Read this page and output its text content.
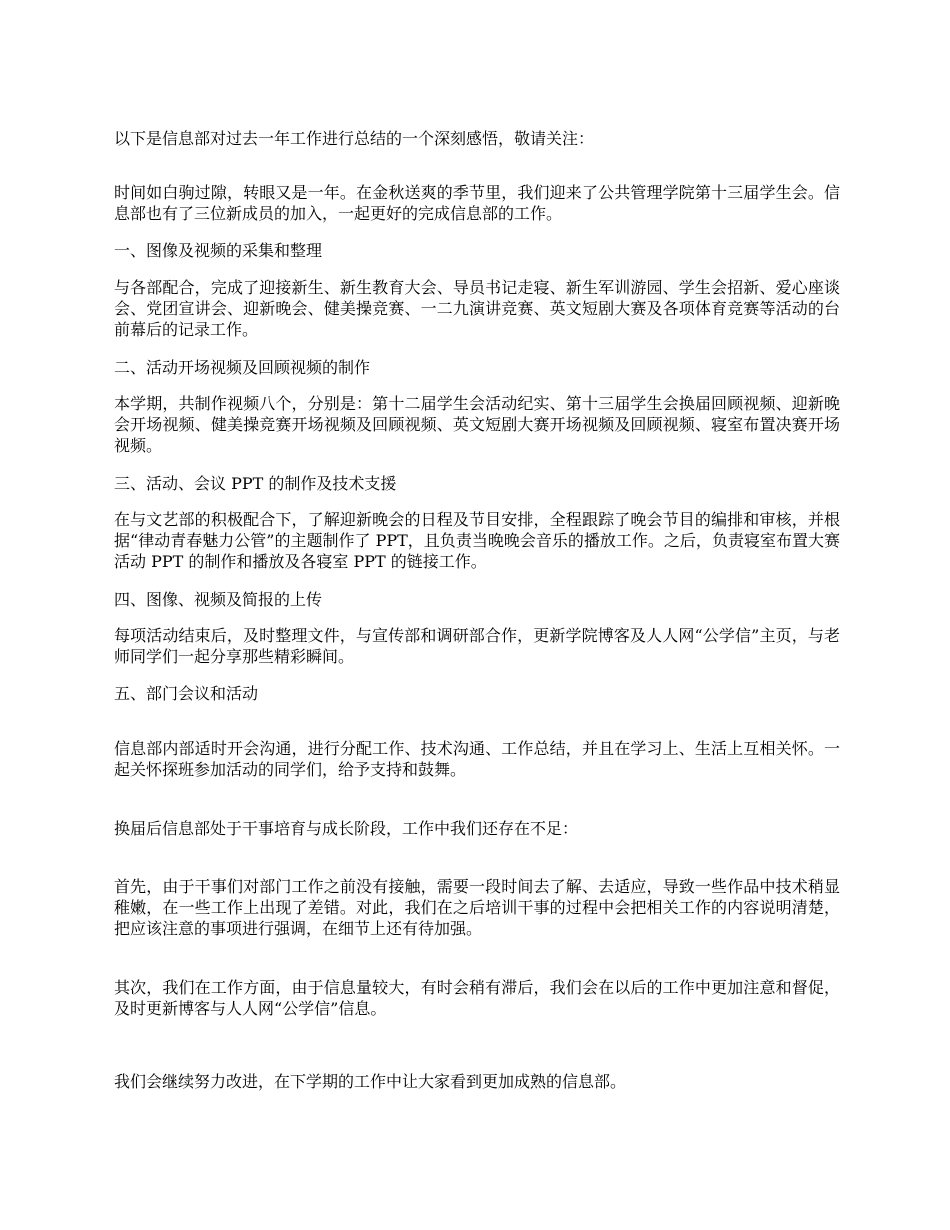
以下是信息部对过去一年工作进行总结的一个深刻感悟，敬请关注：

时间如白驹过隙，转眼又是一年。在金秋送爽的季节里，我们迎来了公共管理学院第十三届学生会。信息部也有了三位新成员的加入，一起更好的完成信息部的工作。

一、图像及视频的采集和整理

与各部配合，完成了迎接新生、新生教育大会、导员书记走寝、新生军训游园、学生会招新、爱心座谈会、党团宣讲会、迎新晚会、健美操竞赛、一二九演讲竞赛、英文短剧大赛及各项体育竞赛等活动的台前幕后的记录工作。

二、活动开场视频及回顾视频的制作

本学期，共制作视频八个，分别是：第十二届学生会活动纪实、第十三届学生会换届回顾视频、迎新晚会开场视频、健美操竞赛开场视频及回顾视频、英文短剧大赛开场视频及回顾视频、寝室布置决赛开场视频。

三、活动、会议 PPT 的制作及技术支援

在与文艺部的积极配合下，了解迎新晚会的日程及节目安排，全程跟踪了晚会节目的编排和审核，并根据“律动青春魅力公管”的主题制作了 PPT，且负责当晚晚会音乐的播放工作。之后，负责寝室布置大赛活动 PPT 的制作和播放及各寝室 PPT 的链接工作。

四、图像、视频及简报的上传

每项活动结束后，及时整理文件，与宣传部和调研部合作，更新学院博客及人人网“公学信”主页，与老师同学们一起分享那些精彩瞬间。

五、部门会议和活动

信息部内部适时开会沟通，进行分配工作、技术沟通、工作总结，并且在学习上、生活上互相关怀。一起关怀探班参加活动的同学们，给予支持和鼓舞。

换届后信息部处于干事培育与成长阶段，工作中我们还存在不足：

首先，由于干事们对部门工作之前没有接触，需要一段时间去了解、去适应，导致一些作品中技术稍显稚嫩，在一些工作上出现了差错。对此，我们在之后培训干事的过程中会把相关工作的内容说明清楚，把应该注意的事项进行强调，在细节上还有待加强。

其次，我们在工作方面，由于信息量较大，有时会稍有滞后，我们会在以后的工作中更加注意和督促，及时更新博客与人人网“公学信”信息。

我们会继续努力改进，在下学期的工作中让大家看到更加成熟的信息部。
